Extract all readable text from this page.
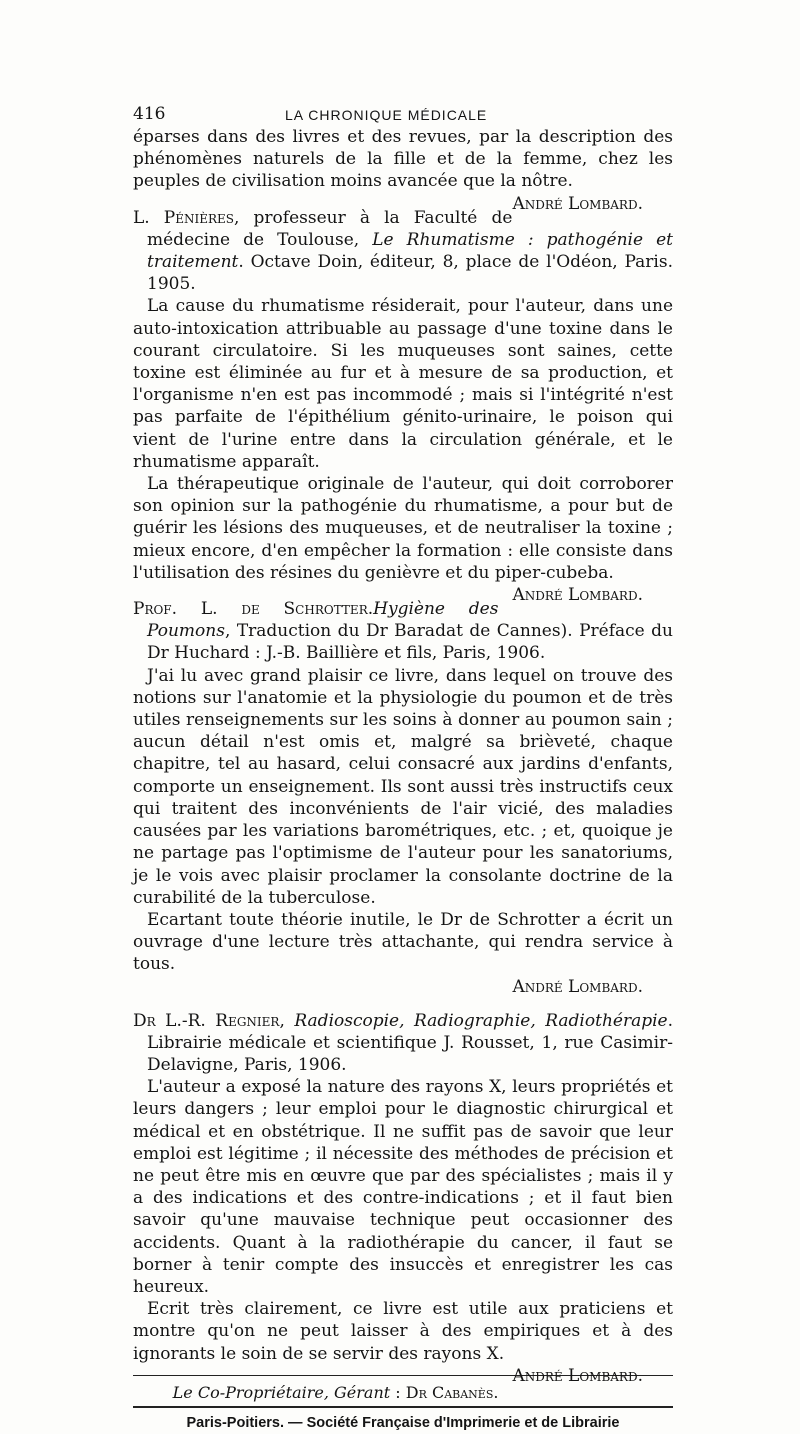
416	LA CHRONIQUE MÉDICALE

éparses dans des livres et des revues, par la description des phénomènes naturels de la fille et de la femme, chez les peuples de civilisation moins avancée que la nôtre.
André Lombard.

L. Pénières, professeur à la Faculté de médecine de Toulouse, Le Rhumatisme : pathogénie et traitement. Octave Doin, éditeur, 8, place de l'Odéon, Paris. 1905.

La cause du rhumatisme résiderait, pour l'auteur, dans une auto-intoxication attribuable au passage d'une toxine dans le courant circulatoire. Si les muqueuses sont saines, cette toxine est éliminée au fur et à mesure de sa production, et l'organisme n'en est pas incommodé ; mais si l'intégrité n'est pas parfaite de l'épithélium génito-urinaire, le poison qui vient de l'urine entre dans la circulation générale, et le rhumatisme apparaît.

La thérapeutique originale de l'auteur, qui doit corroborer son opinion sur la pathogénie du rhumatisme, a pour but de guérir les lésions des muqueuses, et de neutraliser la toxine ; mieux encore, d'en empêcher la formation : elle consiste dans l'utilisation des résines du genièvre et du piper-cubeba.
André Lombard.

Prof. L. de Schrotter.Hygiène des Poumons, Traduction du Dr Baradat de Cannes). Préface du Dr Huchard : J.-B. Baillière et fils, Paris, 1906.

J'ai lu avec grand plaisir ce livre, dans lequel on trouve des notions sur l'anatomie et la physiologie du poumon et de très utiles renseignements sur les soins à donner au poumon sain ; aucun détail n'est omis et, malgré sa brièveté, chaque chapitre, tel au hasard, celui consacré aux jardins d'enfants, comporte un enseignement. Ils sont aussi très instructifs ceux qui traitent des inconvénients de l'air vicié, des maladies causées par les variations barométriques, etc. ; et, quoique je ne partage pas l'optimisme de l'auteur pour les sanatoriums, je le vois avec plaisir proclamer la consolante doctrine de la curabilité de la tuberculose.

Ecartant toute théorie inutile, le Dr de Schrotter a écrit un ouvrage d'une lecture très attachante, qui rendra service à tous.

André Lombard.

Dr L.-R. Regnier, Radioscopie, Radiographie, Radiothérapie. Librairie médicale et scientifique J. Rousset, 1, rue Casimir-Delavigne, Paris, 1906.

L'auteur a exposé la nature des rayons X, leurs propriétés et leurs dangers ; leur emploi pour le diagnostic chirurgical et médical et en obstétrique. Il ne suffit pas de savoir que leur emploi est légitime ; il nécessite des méthodes de précision et ne peut être mis en œuvre que par des spécialistes ; mais il y a des indications et des contre-indications ; et il faut bien savoir qu'une mauvaise technique peut occasionner des accidents. Quant à la radiothérapie du cancer, il faut se borner à tenir compte des insuccès et enregistrer les cas heureux.

Ecrit très clairement, ce livre est utile aux praticiens et montre qu'on ne peut laisser à des empiriques et à des ignorants le soin de se servir des rayons X.
André Lombard.

Le Co-Propriétaire, Gérant : Dr Cabanès.
Paris-Poitiers. — Société Française d'Imprimerie et de Librairie
